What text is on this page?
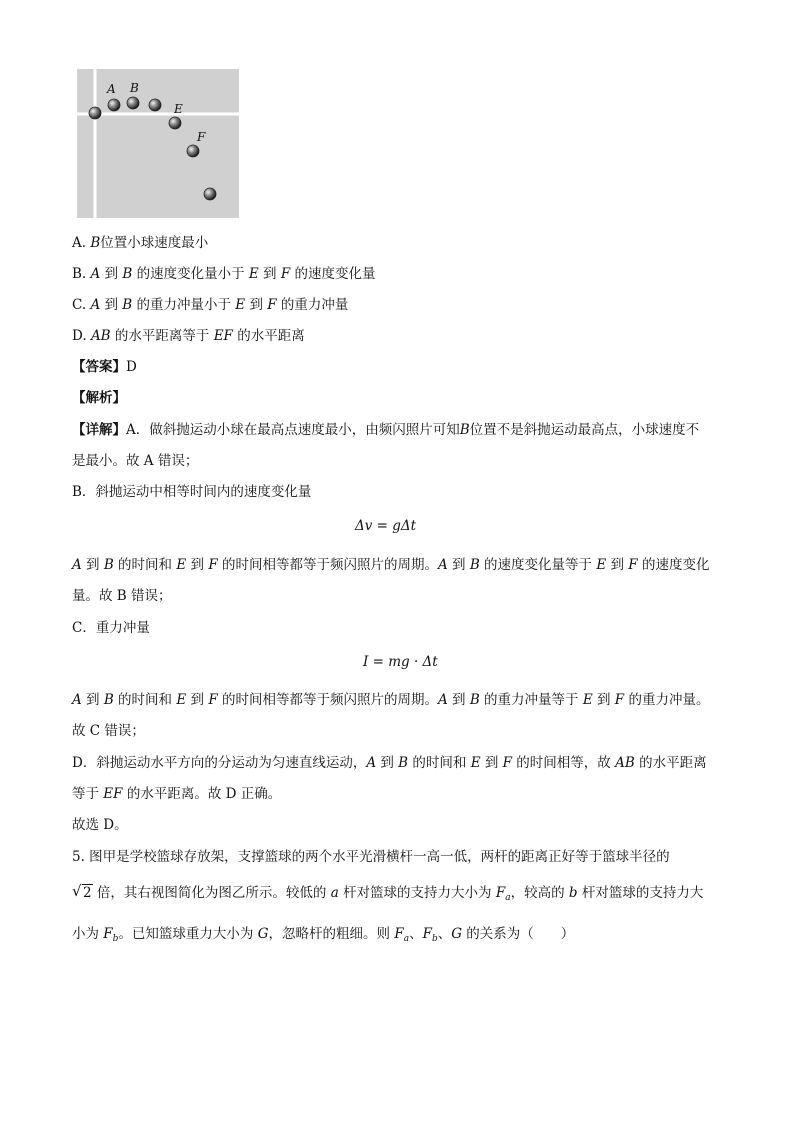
A B
E
F
A. B位置小球速度最小
B. A 到 B 的速度变化量小于 E 到 F 的速度变化量
C. A 到 B 的重力冲量小于 E 到 F 的重力冲量
D. AB 的水平距离等于 EF 的水平距离
【答案】D
【解析】
【详解】A．做斜抛运动小球在最高点速度最小，由频闪照片可知B位置不是斜抛运动最高点，小球速度不
是最小。故 A 错误；
B．斜抛运动中相等时间内的速度变化量
Δv = gΔt
A 到 B 的时间和 E 到 F 的时间相等都等于频闪照片的周期。A 到 B 的速度变化量等于 E 到 F 的速度变化
量。故 B 错误；
C．重力冲量
I = mg · Δt
A 到 B 的时间和 E 到 F 的时间相等都等于频闪照片的周期。A 到 B 的重力冲量等于 E 到 F 的重力冲量。
故 C 错误；
D．斜抛运动水平方向的分运动为匀速直线运动，A 到 B 的时间和 E 到 F 的时间相等，故 AB 的水平距离
等于 EF 的水平距离。故 D 正确。
故选 D。
5. 图甲是学校篮球存放架，支撑篮球的两个水平光滑横杆一高一低，两杆的距离正好等于篮球半径的
√ 2 倍，其右视图简化为图乙所示。较低的 a 杆对篮球的支持力大小为 $F_a$，较高的 b 杆对篮球的支持力大
小为 $F_b$。已知篮球重力大小为 G，忽略杆的粗细。则 $F_a$、$F_b$、G 的关系为（　　）
